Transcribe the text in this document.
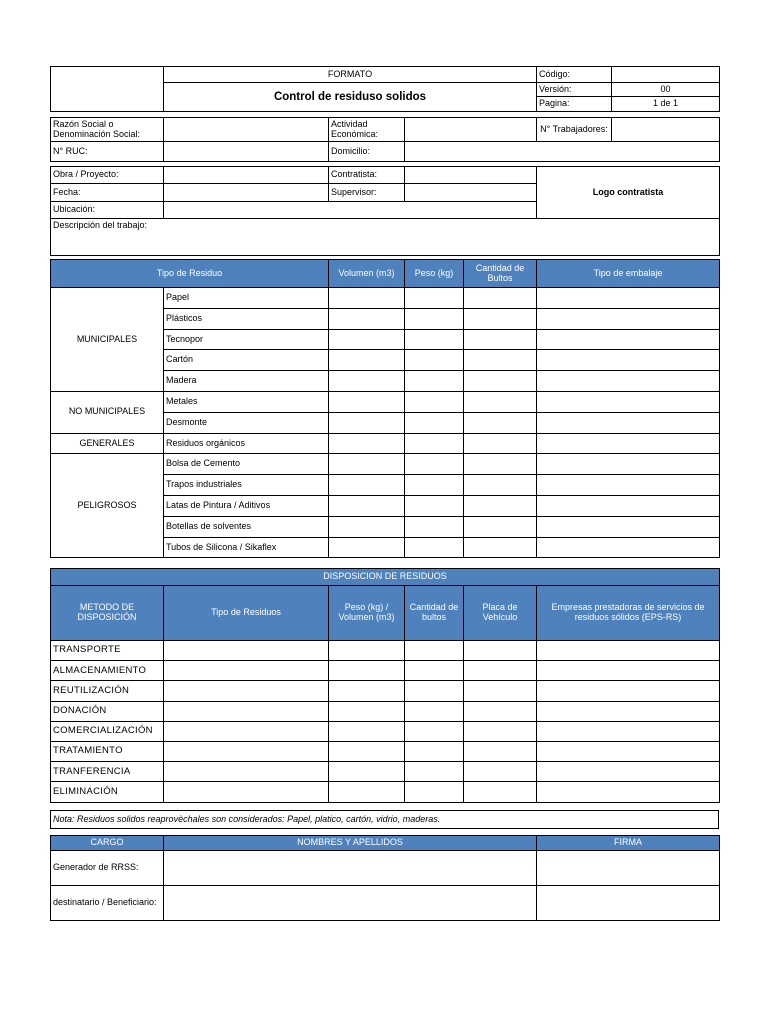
	FORMATO	Código:	
	Control de residuso solidos	Versión:	00
		Pagina:	1 de 1
Razón Social o Denominación Social:		Actividad Económica:		N° Trabajadores:	
N° RUC:		Domicilio:			
Obra / Proyecto:		Contratista:		Logo contratista
Fecha:		Supervisor:		
Ubicación:				
Descripción del trabajo:				
Tipo de Residuo		Volumen (m3)	Peso (kg)	Cantidad de Bultos	Tipo de embalaje
MUNICIPALES	Papel				
	Plásticos				
	Tecnopor				
	Cartón				
	Madera				
NO MUNICIPALES	Metales				
	Desmonte				
GENERALES	Residuos orgánicos				
PELIGROSOS	Bolsa de Cemento				
	Trapos industriales				
	Latas de Pintura / Aditivos				
	Botellas de solventes				
	Tubos de Silicona / Sikaflex				
DISPOSICION DE RESIDUOS					
METODO DE DISPOSICIÓN	Tipo de Residuos	Peso (kg) / Volumen (m3)	Cantidad de bultos	Placa de Vehículo	Empresas prestadoras de servicios de residuos sólidos (EPS-RS)
TRANSPORTE					
ALMACENAMIENTO					
REUTILIZACIÓN					
DONACIÓN					
COMERCIALIZACIÓN					
TRATAMIENTO					
TRANFERENCIA					
ELIMINACIÓN					
Nota: Residuos solidos reaprovèchales son considerados: Papel, platico, cartón, vidrio, maderas.
CARGO	NOMBRES Y APELLIDOS	FIRMA
Generador de RRSS:		
destinatario / Beneficiario:		
